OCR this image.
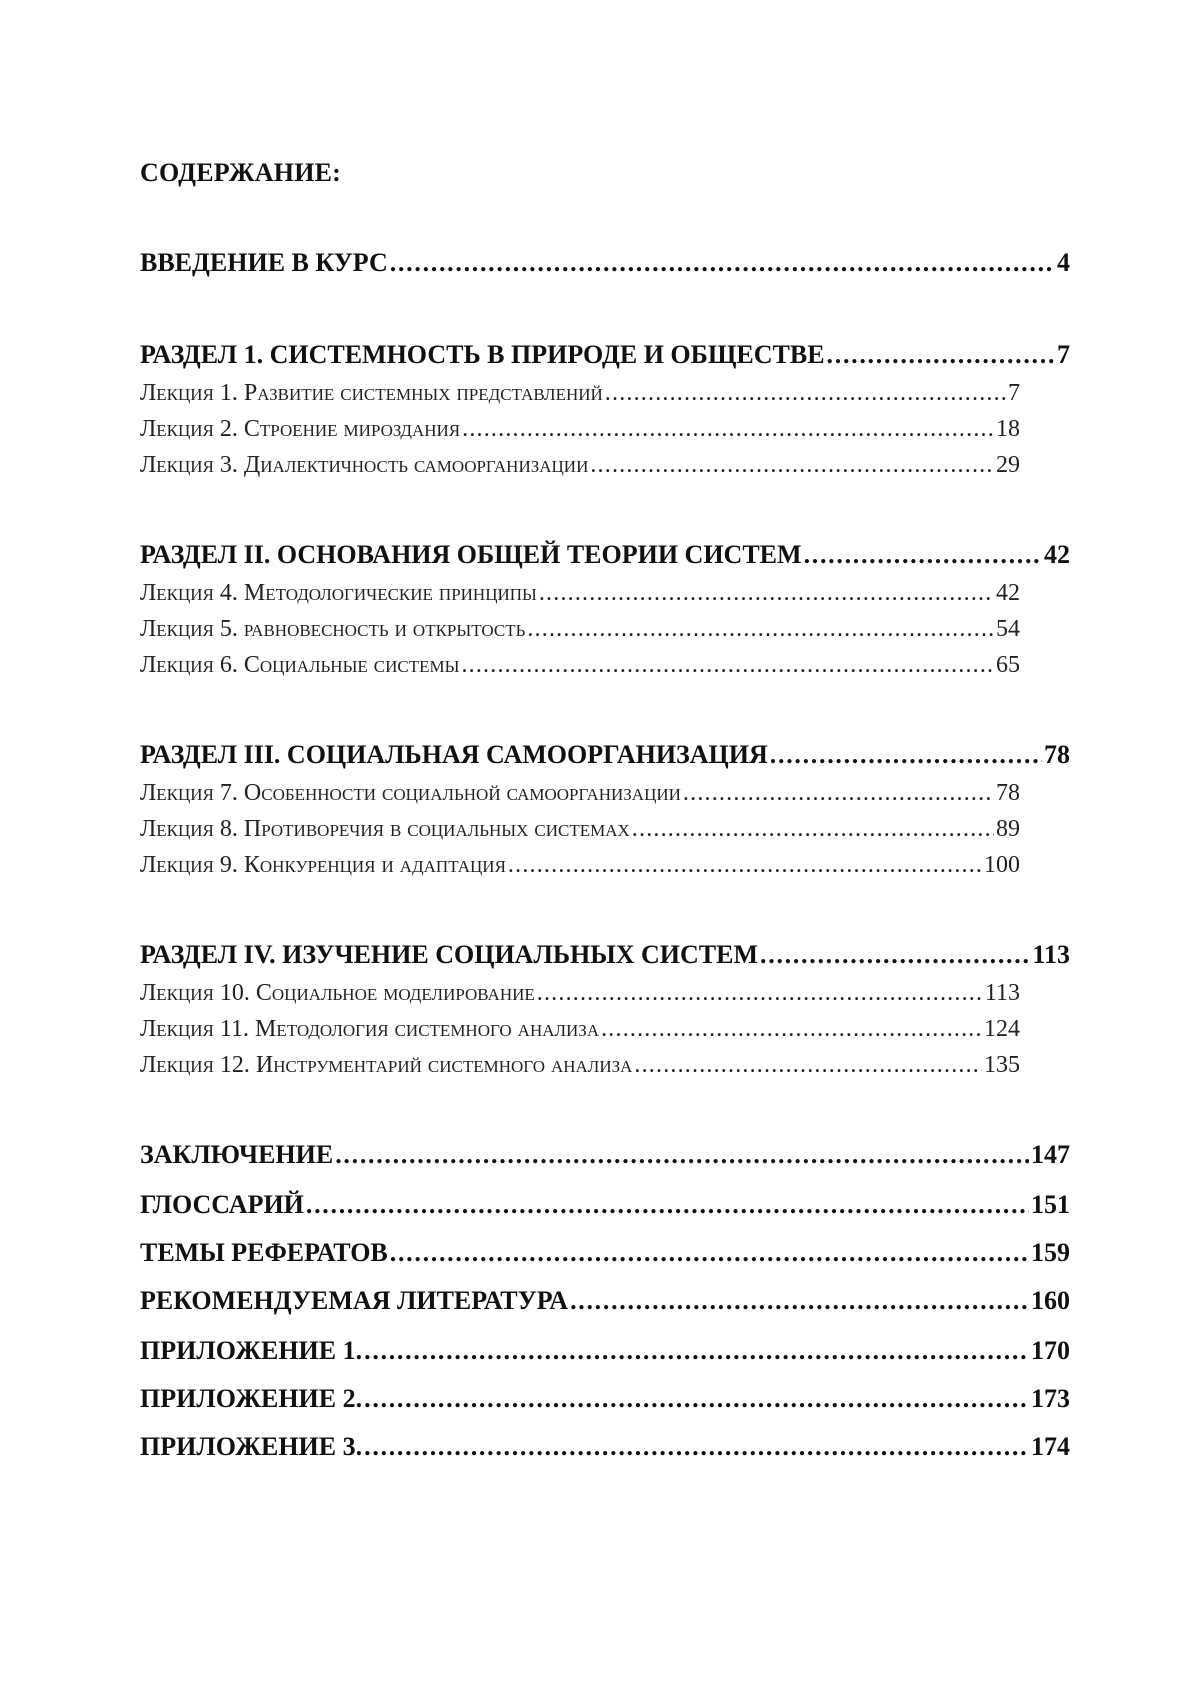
СОДЕРЖАНИЕ:
ВВЕДЕНИЕ В КУРС . . .	4
РАЗДЕЛ 1. СИСТЕМНОСТЬ В ПРИРОДЕ И ОБЩЕСТВЕ . . .	7
Лекция 1. Развитие системных представлений . . .	7
Лекция 2. Строение мироздания . . .	18
Лекция 3. Диалектичность самоорганизации . . .	29
РАЗДЕЛ II. ОСНОВАНИЯ ОБЩЕЙ ТЕОРИИ СИСТЕМ . . .	42
Лекция 4. Методологические принципы . . .	42
Лекция 5. равновесность и открытость . . .	54
Лекция 6. Социальные системы . . .	65
РАЗДЕЛ III. СОЦИАЛЬНАЯ САМООРГАНИЗАЦИЯ . . .	78
Лекция 7. Особенности социальной самоорганизации . . .	78
Лекция 8. Противоречия в социальных системах . . .	89
Лекция 9. Конкуренция и адаптация . . .	100
РАЗДЕЛ IV. ИЗУЧЕНИЕ СОЦИАЛЬНЫХ СИСТЕМ . . .	113
Лекция 10. Социальное моделирование . . .	113
Лекция 11. Методология системного анализа . . .	124
Лекция 12. Инструментарий системного анализа . . .	135
ЗАКЛЮЧЕНИЕ . . .	147
ГЛОССАРИЙ . . .	151
ТЕМЫ РЕФЕРАТОВ . . .	159
РЕКОМЕНДУЕМАЯ ЛИТЕРАТУРА . . .	160
ПРИЛОЖЕНИЕ 1. . . .	170
ПРИЛОЖЕНИЕ 2. . . .	173
ПРИЛОЖЕНИЕ 3. . . .	174
